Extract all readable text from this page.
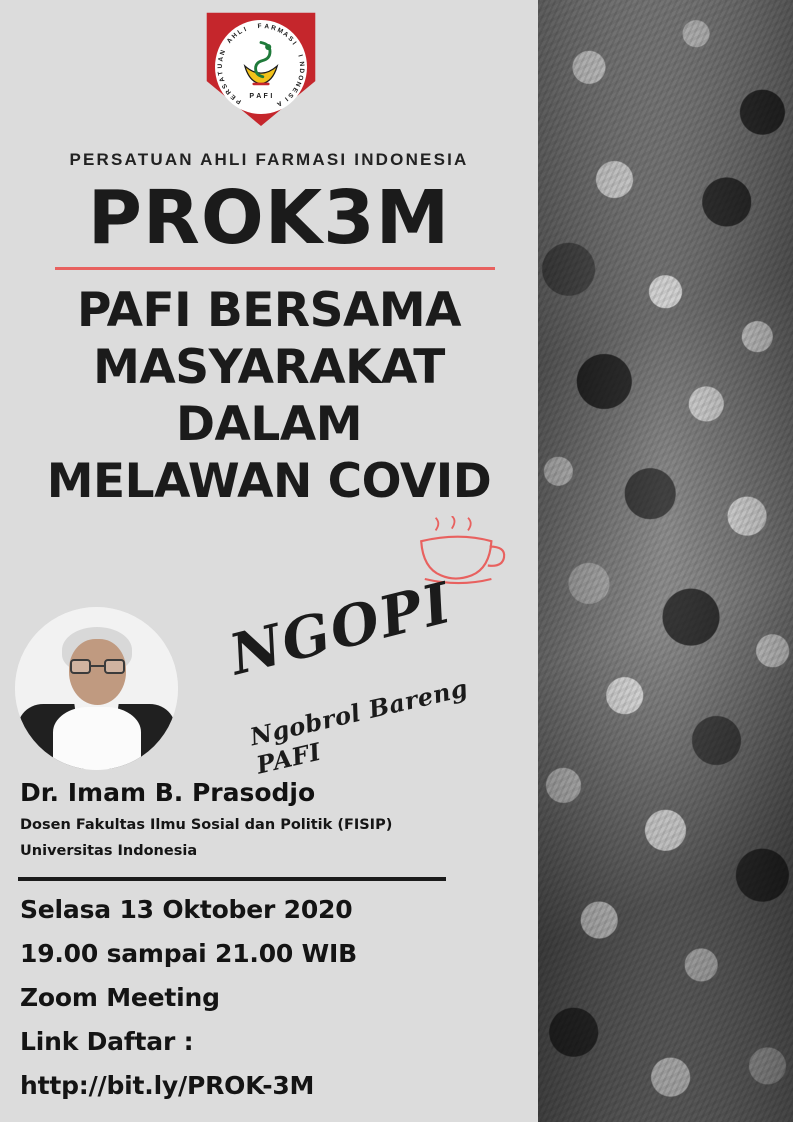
P
E
R
S
A
T
U
A
N
A
H
L I F A R M
A
S
I
I
N
D
O
N
E
S
I
A
P A F I
PERSATUAN AHLI FARMASI INDONESIA
PROK3M
PAFI BERSAMA
MASYARAKAT DALAM
MELAWAN COVID
NGOPI
Ngobrol Bareng PAFI
Dr. Imam B. Prasodjo
Dosen Fakultas Ilmu Sosial dan Politik (FISIP)
Universitas Indonesia
Selasa 13 Oktober 2020
19.00 sampai 21.00 WIB
Zoom Meeting
Link Daftar :
http://bit.ly/PROK-3M
